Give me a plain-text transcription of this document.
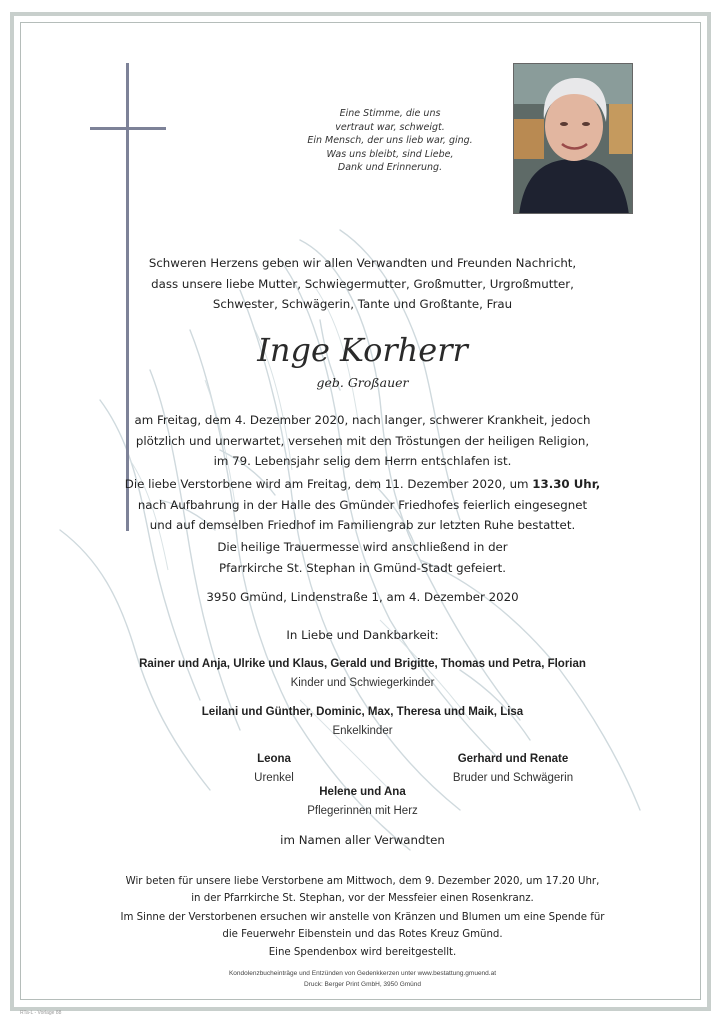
Eine Stimme, die uns
vertraut war, schweigt.
Ein Mensch, der uns lieb war, ging.
Was uns bleibt, sind Liebe,
Dank und Erinnerung.
Schweren Herzens geben wir allen Verwandten und Freunden Nachricht,
dass unsere liebe Mutter, Schwiegermutter, Großmutter, Urgroßmutter,
Schwester, Schwägerin, Tante und Großtante, Frau
Inge Korherr
geb. Großauer
am Freitag, dem 4. Dezember 2020, nach langer, schwerer Krankheit, jedoch
plötzlich und unerwartet, versehen mit den Tröstungen der heiligen Religion,
im 79. Lebensjahr selig dem Herrn entschlafen ist.
Die liebe Verstorbene wird am Freitag, dem 11. Dezember 2020, um 13.30 Uhr,
nach Aufbahrung in der Halle des Gmünder Friedhofes feierlich eingesegnet
und auf demselben Friedhof im Familiengrab zur letzten Ruhe bestattet.
Die heilige Trauermesse wird anschließend in der
Pfarrkirche St. Stephan in Gmünd-Stadt gefeiert.
3950 Gmünd, Lindenstraße 1, am 4. Dezember 2020
In Liebe und Dankbarkeit:
Rainer und Anja, Ulrike und Klaus, Gerald und Brigitte, Thomas und Petra, Florian
Kinder und Schwiegerkinder
Leilani und Günther, Dominic, Max, Theresa und Maik, Lisa
Enkelkinder
Leona
Urenkel
Gerhard und Renate
Bruder und Schwägerin
Helene und Ana
Pflegerinnen mit Herz
im Namen aller Verwandten
Wir beten für unsere liebe Verstorbene am Mittwoch, dem 9. Dezember 2020, um 17.20 Uhr,
in der Pfarrkirche St. Stephan, vor der Messfeier einen Rosenkranz.
Im Sinne der Verstorbenen ersuchen wir anstelle von Kränzen und Blumen um eine Spende für
die Feuerwehr Eibenstein und das Rotes Kreuz Gmünd.
Eine Spendenbox wird bereitgestellt.
Kondolenzbucheinträge und Entzünden von Gedenkkerzen unter www.bestattung.gmuend.at
Druck: Berger Print GmbH, 3950 Gmünd
RTa-L - Vorlage 88
